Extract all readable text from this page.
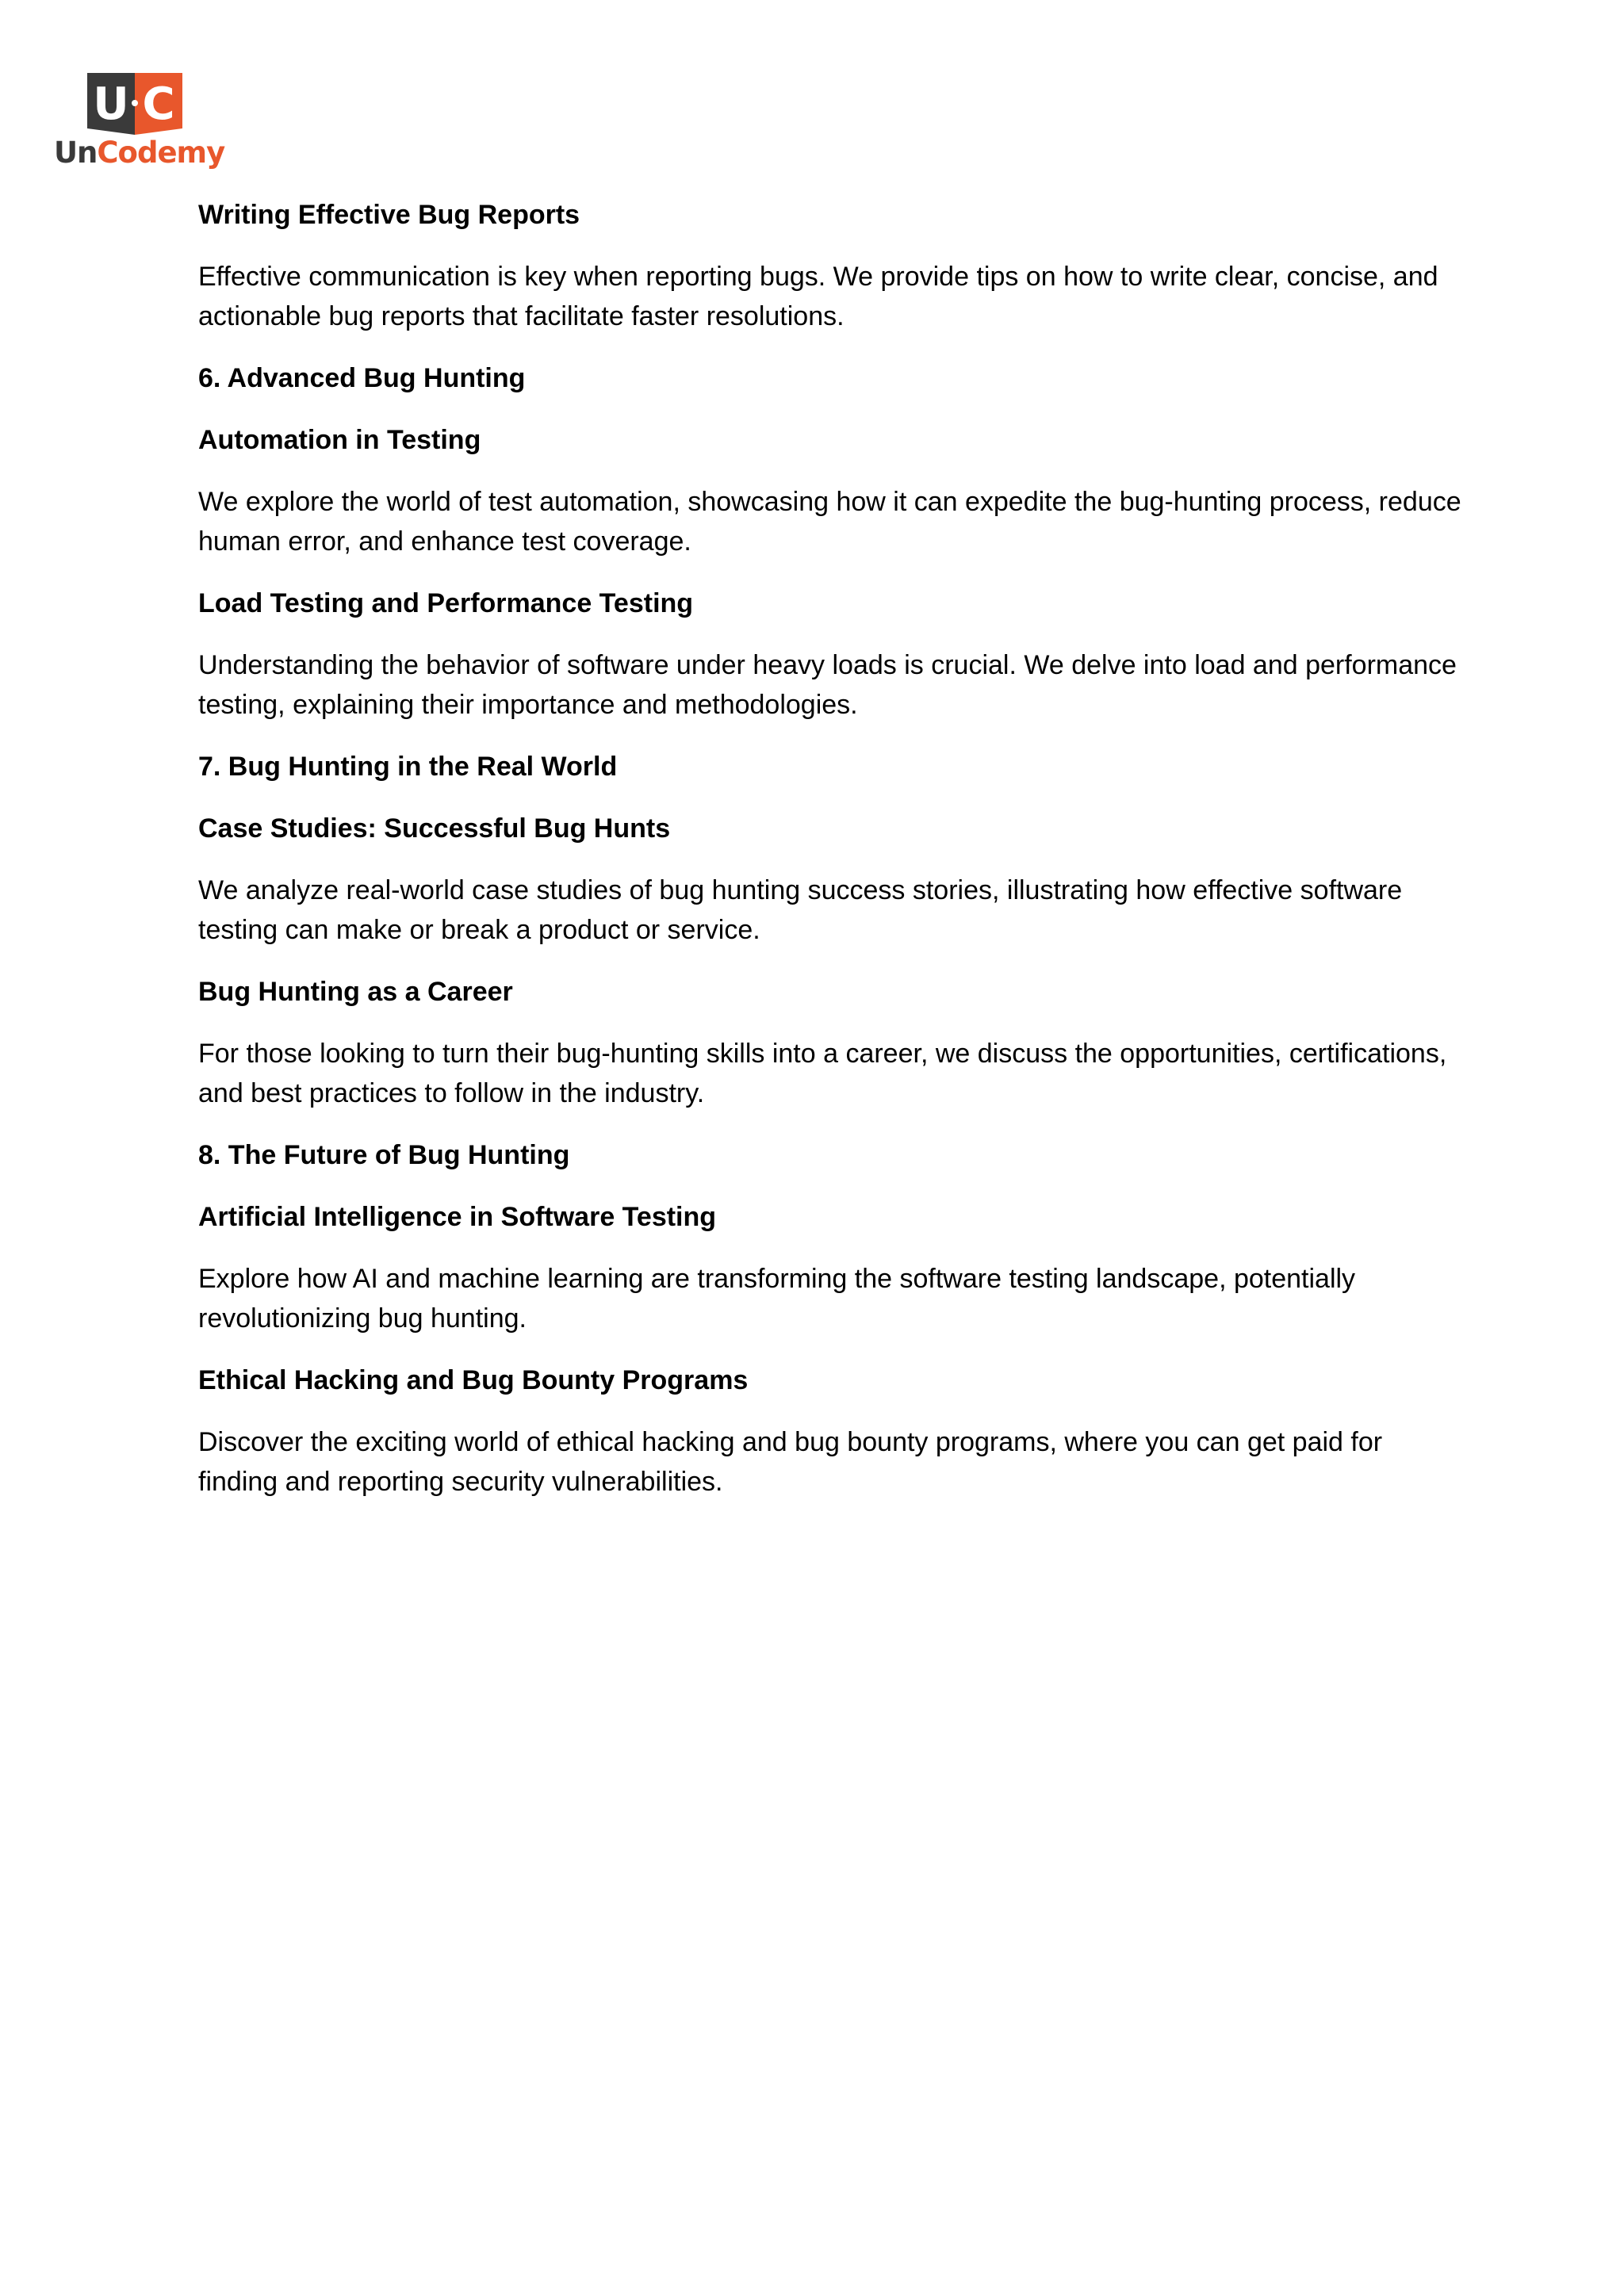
U C
UnCodemy

Writing Effective Bug Reports

Effective communication is key when reporting bugs. We provide tips on how to write clear, concise, and actionable bug reports that facilitate faster resolutions.

6. Advanced Bug Hunting

Automation in Testing

We explore the world of test automation, showcasing how it can expedite the bug-hunting process, reduce human error, and enhance test coverage.

Load Testing and Performance Testing

Understanding the behavior of software under heavy loads is crucial. We delve into load and performance testing, explaining their importance and methodologies.

7. Bug Hunting in the Real World

Case Studies: Successful Bug Hunts

We analyze real-world case studies of bug hunting success stories, illustrating how effective software testing can make or break a product or service.

Bug Hunting as a Career

For those looking to turn their bug-hunting skills into a career, we discuss the opportunities, certifications, and best practices to follow in the industry.

8. The Future of Bug Hunting

Artificial Intelligence in Software Testing

Explore how AI and machine learning are transforming the software testing landscape, potentially revolutionizing bug hunting.

Ethical Hacking and Bug Bounty Programs

Discover the exciting world of ethical hacking and bug bounty programs, where you can get paid for finding and reporting security vulnerabilities.
